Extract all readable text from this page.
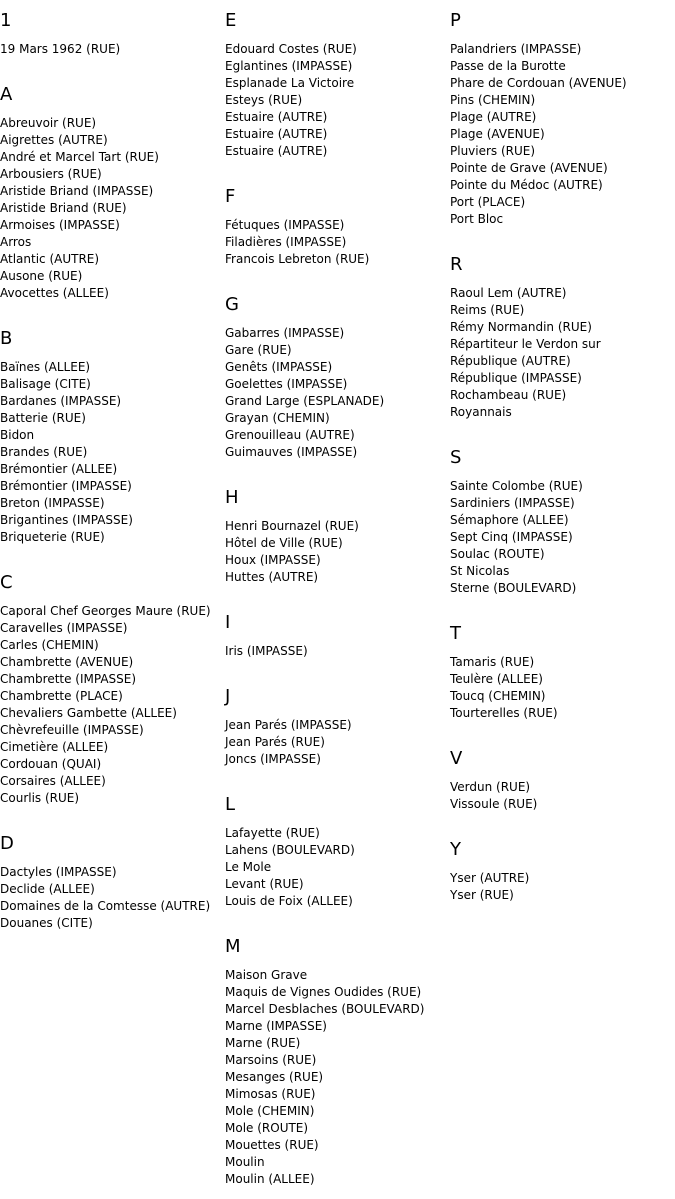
1
19 Mars 1962 (RUE)
A
Abreuvoir (RUE)
Aigrettes (AUTRE)
André et Marcel Tart (RUE)
Arbousiers (RUE)
Aristide Briand (IMPASSE)
Aristide Briand (RUE)
Armoises (IMPASSE)
Arros
Atlantic (AUTRE)
Ausone (RUE)
Avocettes (ALLEE)
B
Baïnes (ALLEE)
Balisage (CITE)
Bardanes (IMPASSE)
Batterie (RUE)
Bidon
Brandes (RUE)
Brémontier (ALLEE)
Brémontier (IMPASSE)
Breton (IMPASSE)
Brigantines (IMPASSE)
Briqueterie (RUE)
C
Caporal Chef Georges Maure (RUE)
Caravelles (IMPASSE)
Carles (CHEMIN)
Chambrette (AVENUE)
Chambrette (IMPASSE)
Chambrette (PLACE)
Chevaliers Gambette (ALLEE)
Chèvrefeuille (IMPASSE)
Cimetière (ALLEE)
Cordouan (QUAI)
Corsaires (ALLEE)
Courlis (RUE)
D
Dactyles (IMPASSE)
Declide (ALLEE)
Domaines de la Comtesse (AUTRE)
Douanes (CITE)
E
Edouard Costes (RUE)
Eglantines (IMPASSE)
Esplanade La Victoire
Esteys (RUE)
Estuaire (AUTRE)
Estuaire (AUTRE)
Estuaire (AUTRE)
F
Fétuques (IMPASSE)
Filadières (IMPASSE)
Francois Lebreton (RUE)
G
Gabarres (IMPASSE)
Gare (RUE)
Genêts (IMPASSE)
Goelettes (IMPASSE)
Grand Large (ESPLANADE)
Grayan (CHEMIN)
Grenouilleau (AUTRE)
Guimauves (IMPASSE)
H
Henri Bournazel (RUE)
Hôtel de Ville (RUE)
Houx (IMPASSE)
Huttes (AUTRE)
I
Iris (IMPASSE)
J
Jean Parés (IMPASSE)
Jean Parés (RUE)
Joncs (IMPASSE)
L
Lafayette (RUE)
Lahens (BOULEVARD)
Le Mole
Levant (RUE)
Louis de Foix (ALLEE)
M
Maison Grave
Maquis de Vignes Oudides (RUE)
Marcel Desblaches (BOULEVARD)
Marne (IMPASSE)
Marne (RUE)
Marsoins (RUE)
Mesanges (RUE)
Mimosas (RUE)
Mole (CHEMIN)
Mole (ROUTE)
Mouettes (RUE)
Moulin
Moulin (ALLEE)
P
Palandriers (IMPASSE)
Passe de la Burotte
Phare de Cordouan (AVENUE)
Pins (CHEMIN)
Plage (AUTRE)
Plage (AVENUE)
Pluviers (RUE)
Pointe de Grave (AVENUE)
Pointe du Médoc (AUTRE)
Port (PLACE)
Port Bloc
R
Raoul Lem (AUTRE)
Reims (RUE)
Rémy Normandin (RUE)
Répartiteur le Verdon sur
République (AUTRE)
République (IMPASSE)
Rochambeau (RUE)
Royannais
S
Sainte Colombe (RUE)
Sardiniers (IMPASSE)
Sémaphore (ALLEE)
Sept Cinq (IMPASSE)
Soulac (ROUTE)
St Nicolas
Sterne (BOULEVARD)
T
Tamaris (RUE)
Teulère (ALLEE)
Toucq (CHEMIN)
Tourterelles (RUE)
V
Verdun (RUE)
Vissoule (RUE)
Y
Yser (AUTRE)
Yser (RUE)
